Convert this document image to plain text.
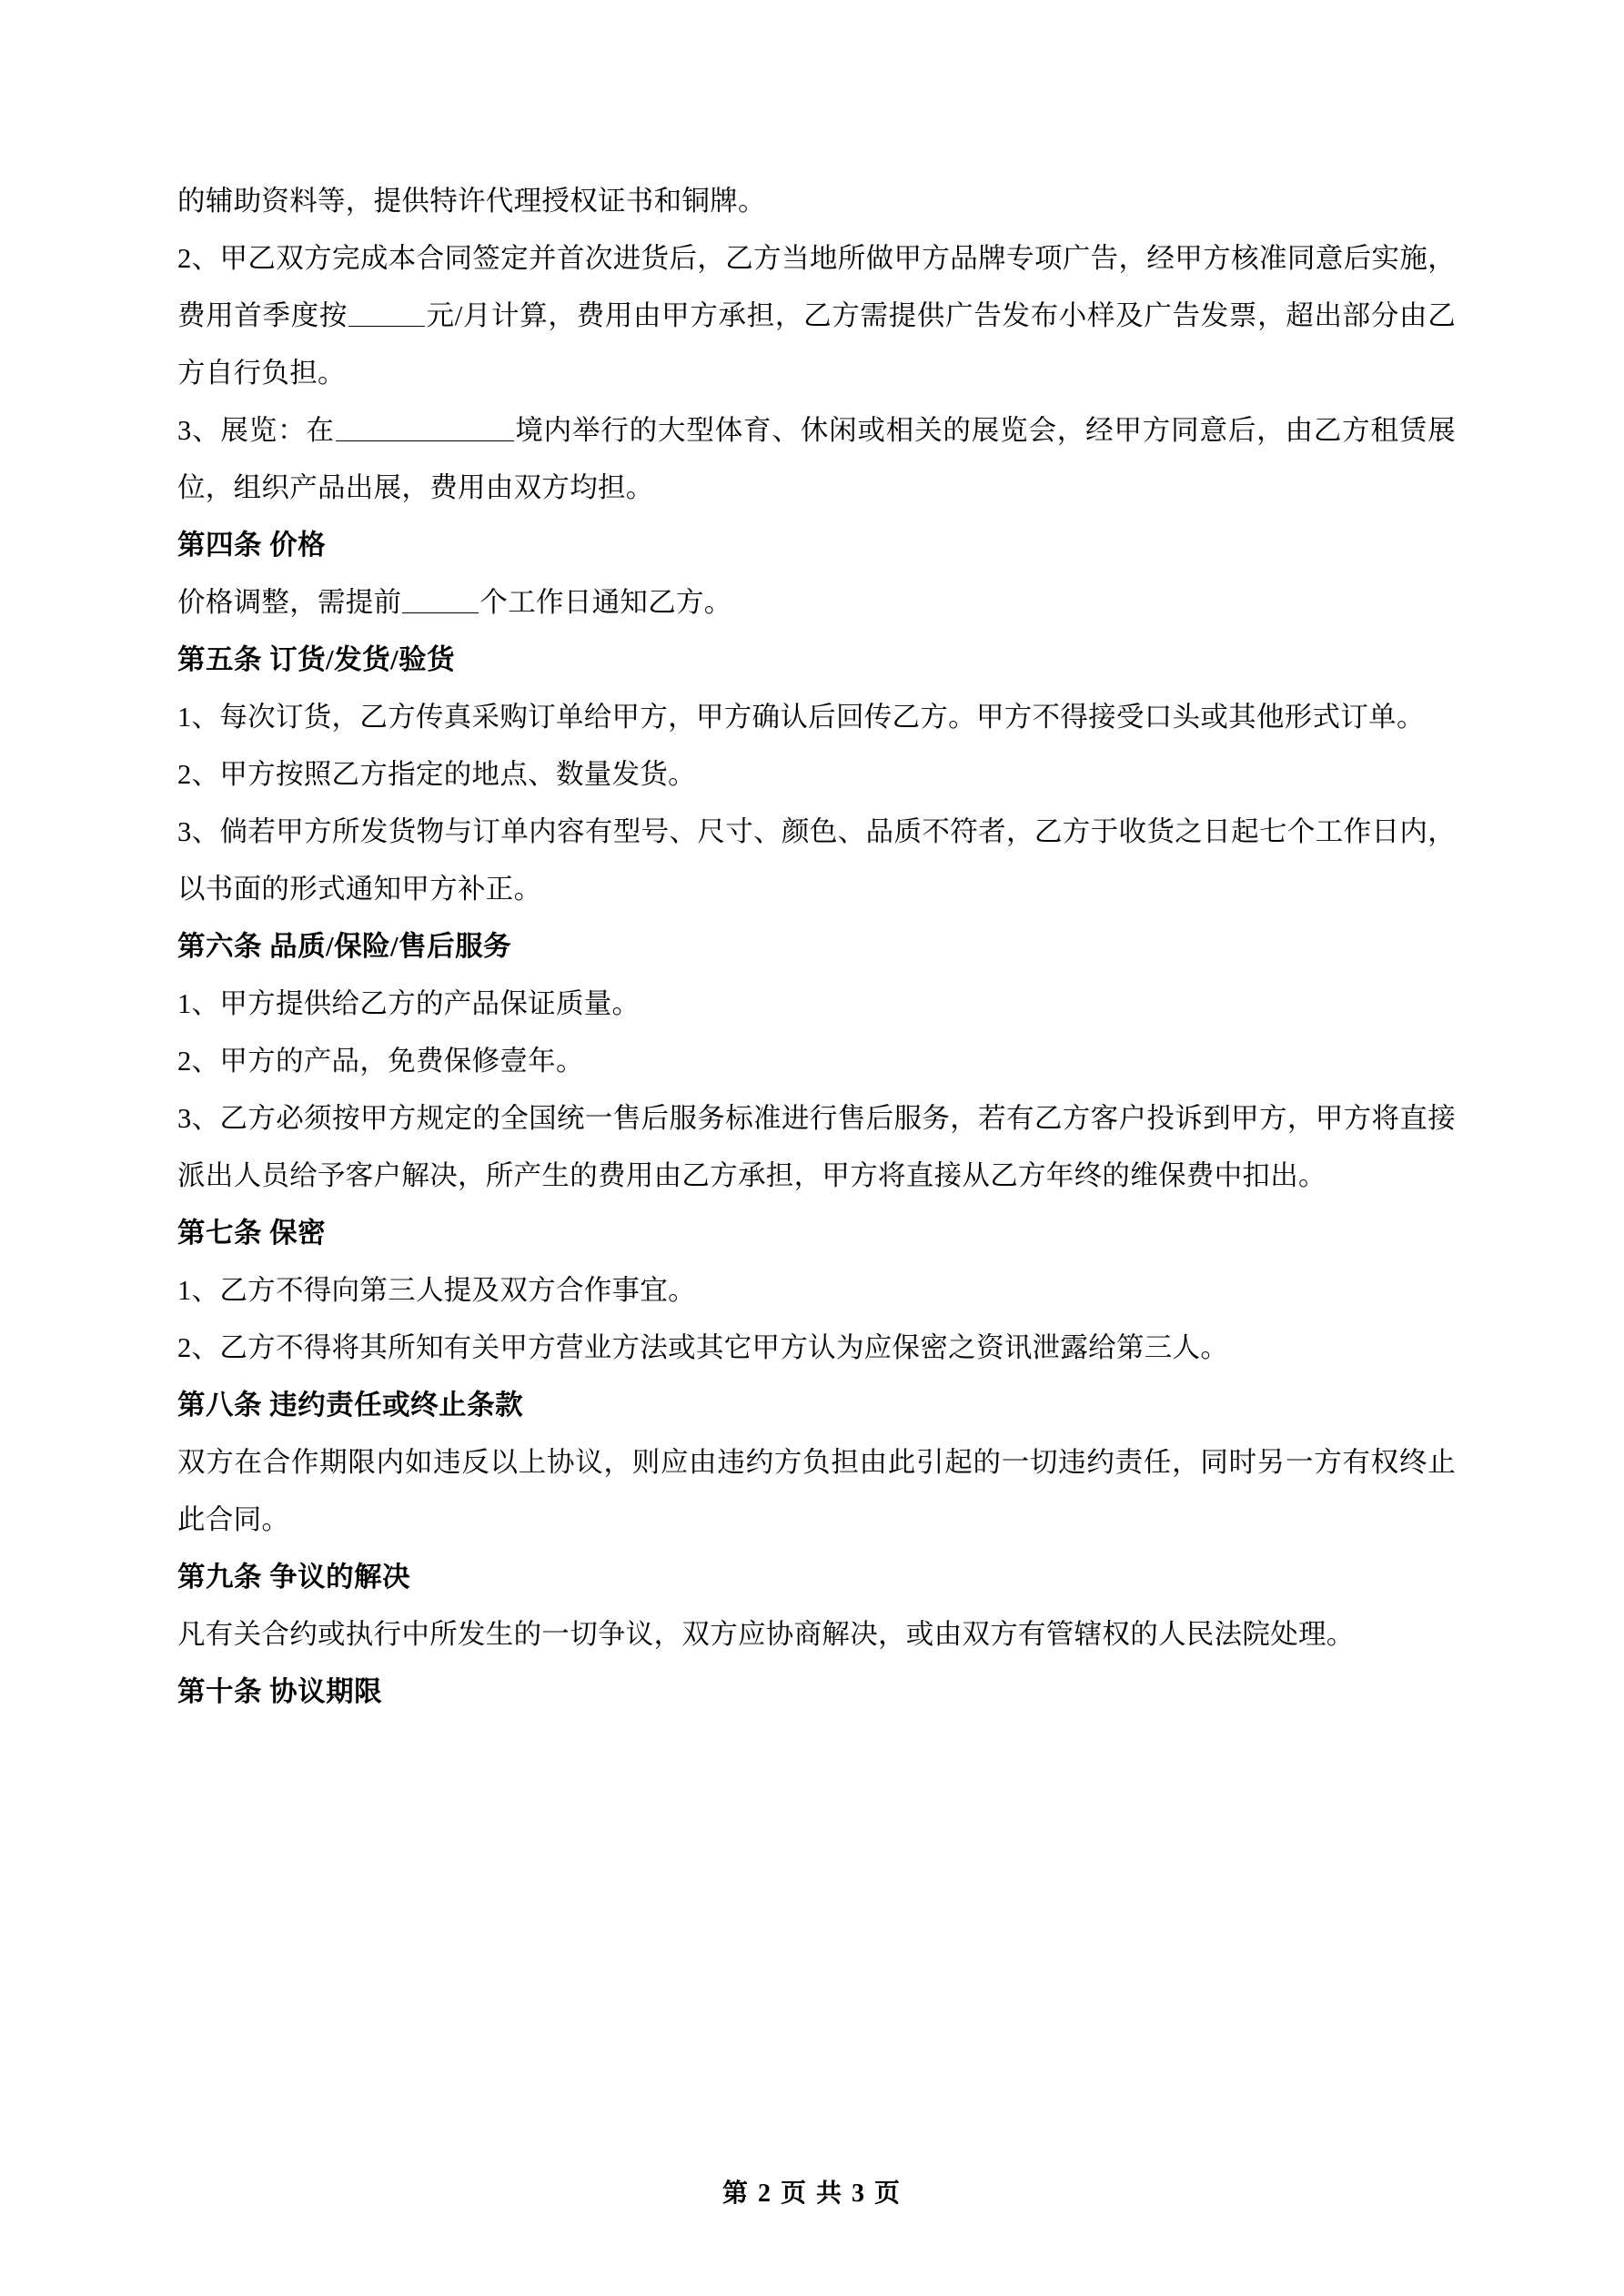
的辅助资料等，提供特许代理授权证书和铜牌。

2、甲乙双方完成本合同签定并首次进货后，乙方当地所做甲方品牌专项广告，经甲方核准同意后实施，费用首季度按	元/月计算，费用由甲方承担，乙方需提供广告发布小样及广告发票，超出部分由乙方自行负担。

3、展览：在	境内举行的大型体育、休闲或相关的展览会，经甲方同意后，由乙方租赁展位，组织产品出展，费用由双方均担。

第四条 价格

价格调整，需提前	个工作日通知乙方。

第五条 订货/发货/验货

1、每次订货，乙方传真采购订单给甲方，甲方确认后回传乙方。甲方不得接受口头或其他形式订单。

2、甲方按照乙方指定的地点、数量发货。

3、倘若甲方所发货物与订单内容有型号、尺寸、颜色、品质不符者，乙方于收货之日起七个工作日内，以书面的形式通知甲方补正。

第六条 品质/保险/售后服务

1、甲方提供给乙方的产品保证质量。

2、甲方的产品，免费保修壹年。

3、乙方必须按甲方规定的全国统一售后服务标准进行售后服务，若有乙方客户投诉到甲方，甲方将直接派出人员给予客户解决，所产生的费用由乙方承担，甲方将直接从乙方年终的维保费中扣出。

第七条 保密

1、乙方不得向第三人提及双方合作事宜。

2、乙方不得将其所知有关甲方营业方法或其它甲方认为应保密之资讯泄露给第三人。

第八条 违约责任或终止条款

双方在合作期限内如违反以上协议，则应由违约方负担由此引起的一切违约责任，同时另一方有权终止此合同。

第九条 争议的解决

凡有关合约或执行中所发生的一切争议，双方应协商解决，或由双方有管辖权的人民法院处理。

第十条 协议期限

第 2 页 共 3 页
